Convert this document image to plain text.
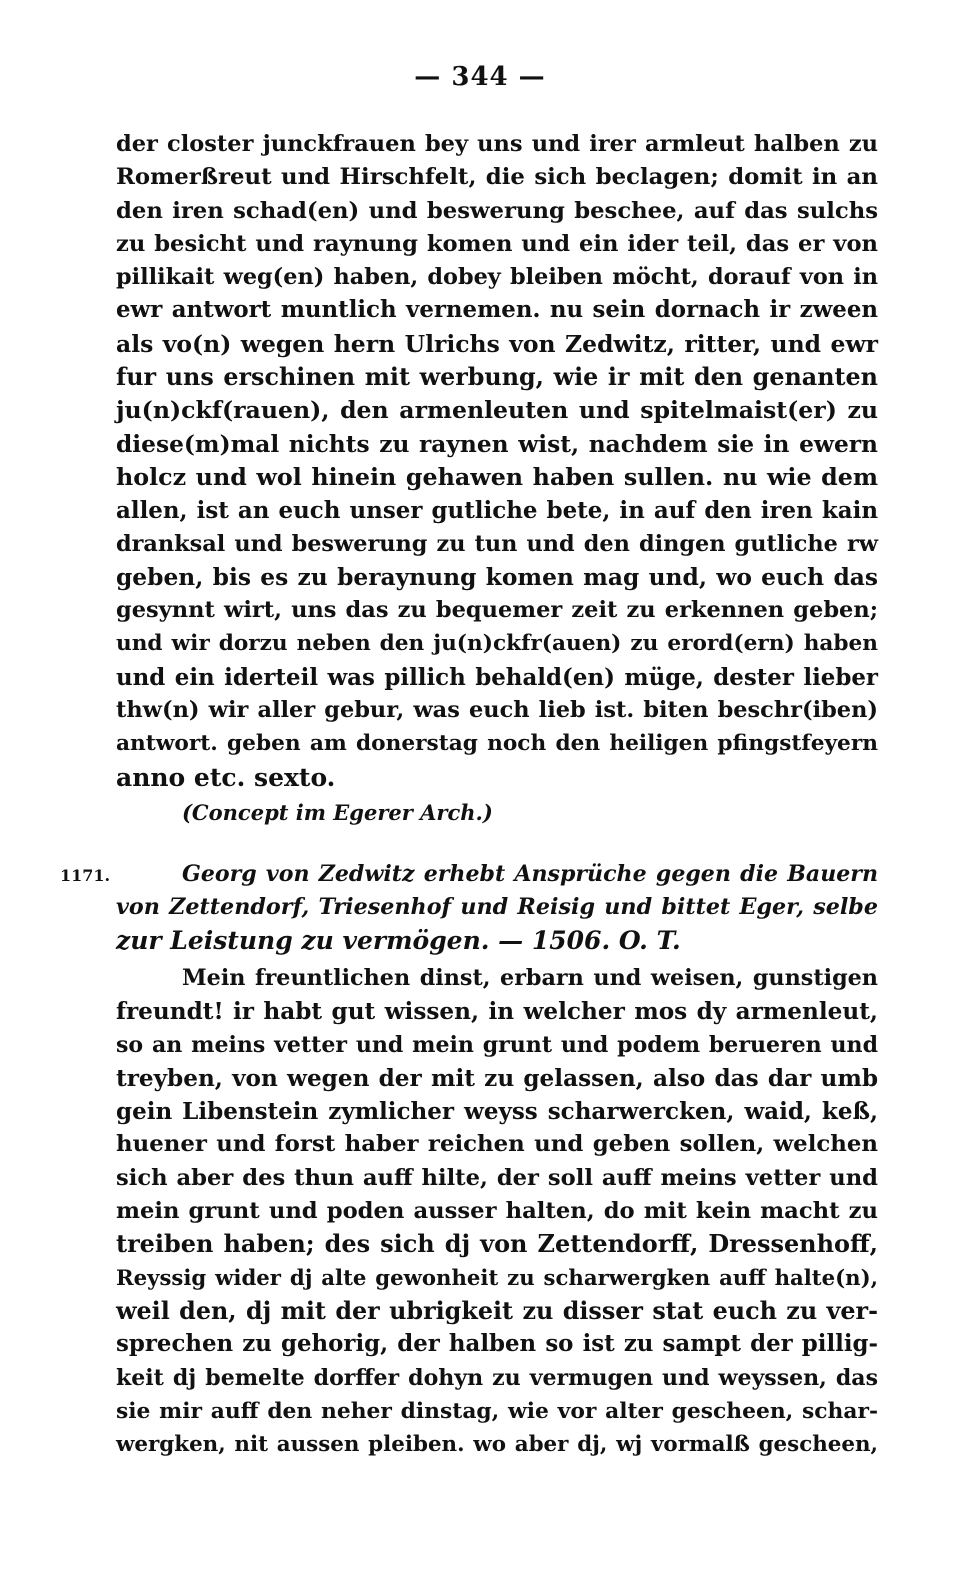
— 344 —
der closter junckfrauen bey uns und irer armleut halben zu
Romerßreut und Hirschfelt, die sich beclagen; domit in an
den iren schad(en) und beswerung beschee, auf das sulchs
zu besicht und raynung komen und ein ider teil, das er von
pillikait weg(en) haben, dobey bleiben möcht, dorauf von in
ewr antwort muntlich vernemen. nu sein dornach ir zween
als vo(n) wegen hern Ulrichs von Zedwitz, ritter, und ewr
fur uns erschinen mit werbung, wie ir mit den genanten
ju(n)ckf(rauen), den armenleuten und spitelmaist(er) zu
diese(m)mal nichts zu raynen wist, nachdem sie in ewern
holcz und wol hinein gehawen haben sullen. nu wie dem
allen, ist an euch unser gutliche bete, in auf den iren kain
dranksal und beswerung zu tun und den dingen gutliche rw
geben, bis es zu beraynung komen mag und, wo euch das
gesynnt wirt, uns das zu bequemer zeit zu erkennen geben;
und wir dorzu neben den ju(n)ckfr(auen) zu erord(ern) haben
und ein iderteil was pillich behald(en) müge, dester lieber
thw(n) wir aller gebur, was euch lieb ist. biten beschr(iben)
antwort. geben am donerstag noch den heiligen pfingstfeyern
anno etc. sexto.
(Concept im Egerer Arch.)
1171.	Georg von Zedwitz erhebt Ansprüche gegen die Bauern
von Zettendorf, Triesenhof und Reisig und bittet Eger, selbe
zur Leistung zu vermögen. — 1506. O. T.
Mein freuntlichen dinst, erbarn und weisen, gunstigen
freundt! ir habt gut wissen, in welcher mos dy armenleut,
so an meins vetter und mein grunt und podem berueren und
treyben, von wegen der mit zu gelassen, also das dar umb
gein Libenstein zymlicher weyss scharwercken, waid, keß,
huener und forst haber reichen und geben sollen, welchen
sich aber des thun auff hilte, der soll auff meins vetter und
mein grunt und poden ausser halten, do mit kein macht zu
treiben haben; des sich dj von Zettendorff, Dressenhoff,
Reyssig wider dj alte gewonheit zu scharwergken auff halte(n),
weil den, dj mit der ubrigkeit zu disser stat euch zu ver-
sprechen zu gehorig, der halben so ist zu sampt der pillig-
keit dj bemelte dorffer dohyn zu vermugen und weyssen, das
sie mir auff den neher dinstag, wie vor alter gescheen, schar-
wergken, nit aussen pleiben. wo aber dj, wj vormalß gescheen,
